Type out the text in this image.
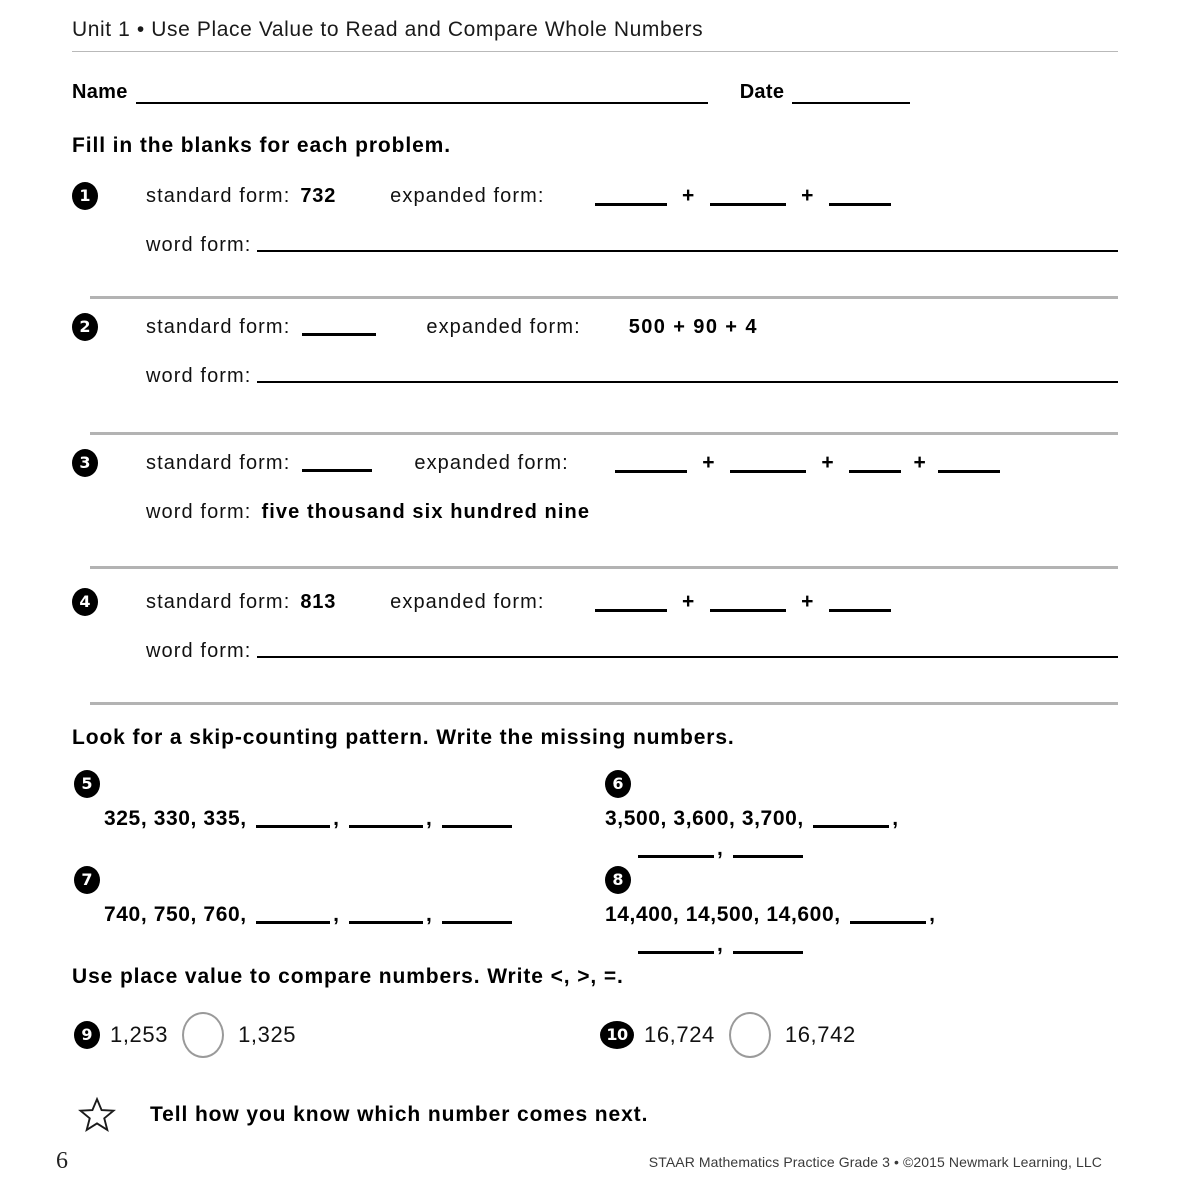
Unit 1 • Use Place Value to Read and Compare Whole Numbers
Name	Date
Fill in the blanks for each problem.
1	standard form: 732	expanded form:	+	+
word form:
2	standard form:	expanded form: 500 + 90 + 4
word form:
3	standard form:	expanded form:	+	+	+
word form: five thousand six hundred nine
4	standard form: 813	expanded form:	+	+
word form:
Look for a skip-counting pattern. Write the missing numbers.
5
325, 330, 335,	,	,
6
3,500, 3,600, 3,700,	,
,
7
740, 750, 760,	,	,
8
14,400, 14,500, 14,600,	,
,
Use place value to compare numbers. Write <, >, =.
9 1,253	1,325	10 16,724	16,742
Tell how you know which number comes next.
6	STAAR Mathematics Practice Grade 3 • ©2015 Newmark Learning, LLC
